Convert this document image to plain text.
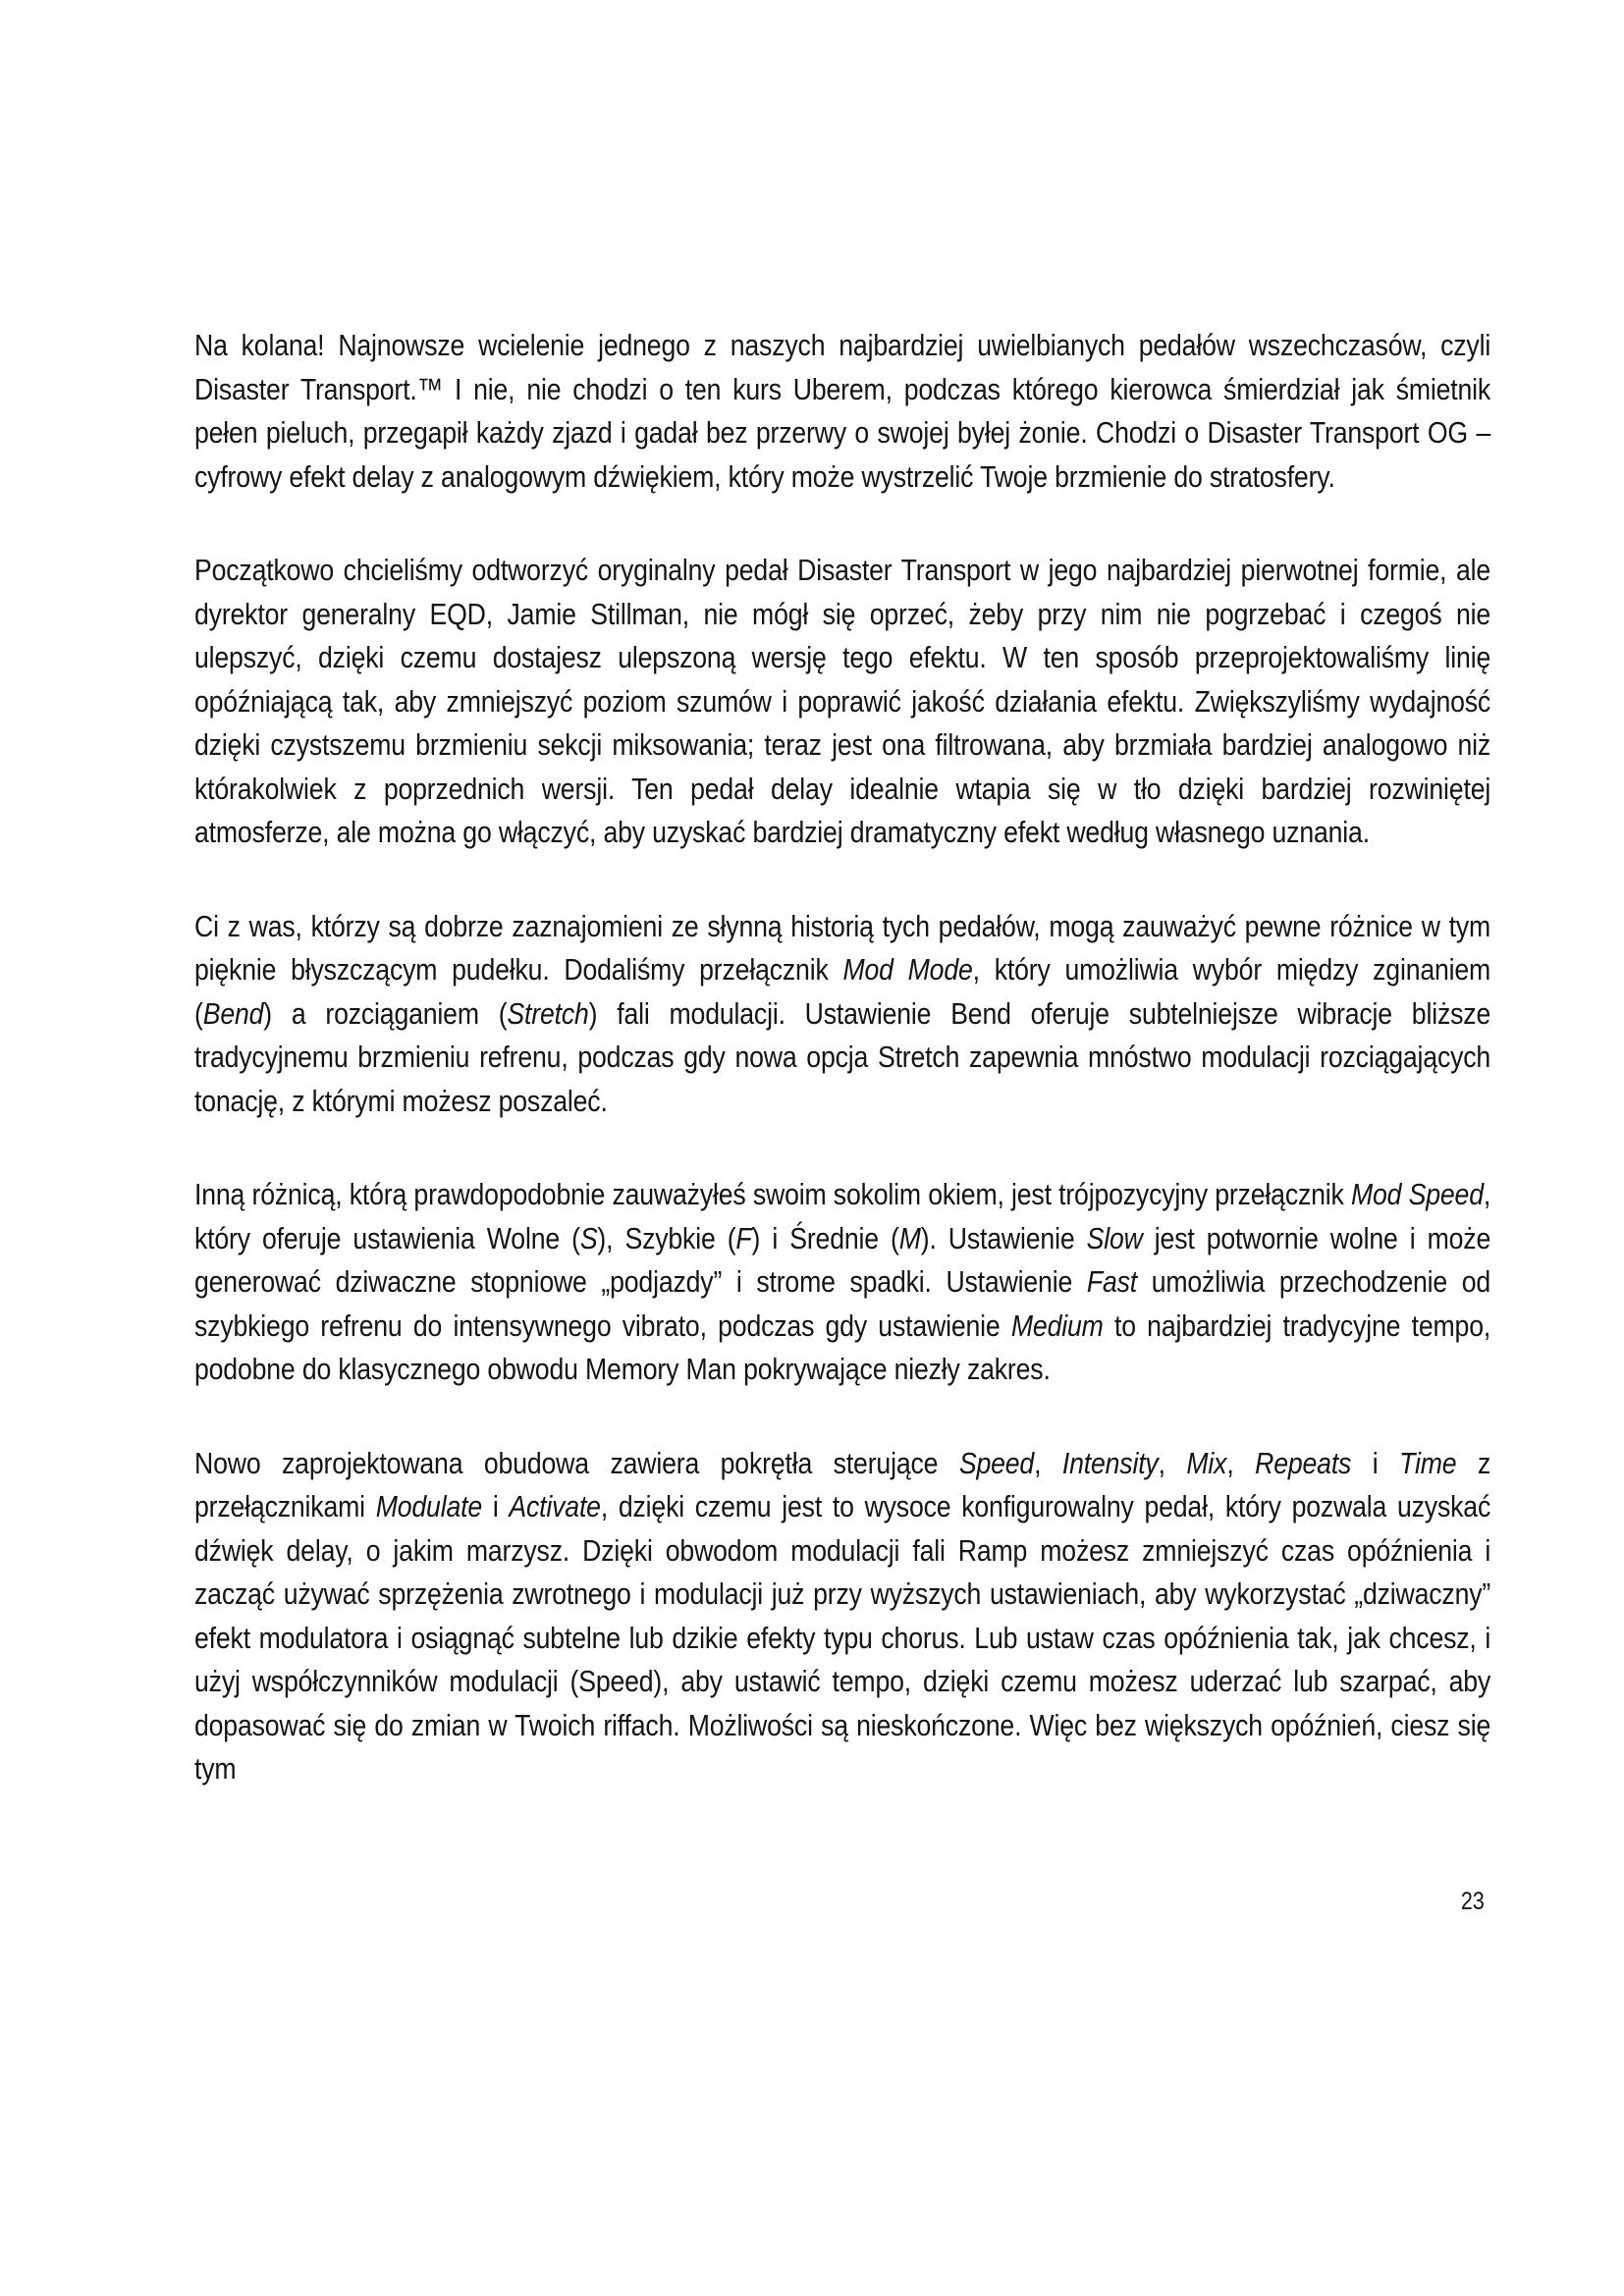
Na kolana! Najnowsze wcielenie jednego z naszych najbardziej uwielbianych pedałów wszechczasów, czyli Disaster Transport.™ I nie, nie chodzi o ten kurs Uberem, podczas którego kierowca śmierdział jak śmietnik pełen pieluch, przegapił każdy zjazd i gadał bez przerwy o swojej byłej żonie. Chodzi o Disaster Transport OG – cyfrowy efekt delay z analogowym dźwiękiem, który może wystrzelić Twoje brzmienie do stratosfery.

Początkowo chcieliśmy odtworzyć oryginalny pedał Disaster Transport w jego najbardziej pierwotnej formie, ale dyrektor generalny EQD, Jamie Stillman, nie mógł się oprzeć, żeby przy nim nie pogrzebać i czegoś nie ulepszyć, dzięki czemu dostajesz ulepszoną wersję tego efektu. W ten sposób przeprojektowaliśmy linię opóźniającą tak, aby zmniejszyć poziom szumów i poprawić jakość działania efektu. Zwiększyliśmy wydajność dzięki czystszemu brzmieniu sekcji miksowania; teraz jest ona filtrowana, aby brzmiała bardziej analogowo niż którakolwiek z poprzednich wersji. Ten pedał delay idealnie wtapia się w tło dzięki bardziej rozwiniętej atmosferze, ale można go włączyć, aby uzyskać bardziej dramatyczny efekt według własnego uznania.

Ci z was, którzy są dobrze zaznajomieni ze słynną historią tych pedałów, mogą zauważyć pewne różnice w tym pięknie błyszczącym pudełku. Dodaliśmy przełącznik Mod Mode, który umożliwia wybór między zginaniem (Bend) a rozciąganiem (Stretch) fali modulacji. Ustawienie Bend oferuje subtelniejsze wibracje bliższe tradycyjnemu brzmieniu refrenu, podczas gdy nowa opcja Stretch zapewnia mnóstwo modulacji rozciągających tonację, z którymi możesz poszaleć.

Inną różnicą, którą prawdopodobnie zauważyłeś swoim sokolim okiem, jest trójpozycyjny przełącznik Mod Speed, który oferuje ustawienia Wolne (S), Szybkie (F) i Średnie (M). Ustawienie Slow jest potwornie wolne i może generować dziwaczne stopniowe „podjazdy” i strome spadki. Ustawienie Fast umożliwia przechodzenie od szybkiego refrenu do intensywnego vibrato, podczas gdy ustawienie Medium to najbardziej tradycyjne tempo, podobne do klasycznego obwodu Memory Man pokrywające niezły zakres.

Nowo zaprojektowana obudowa zawiera pokrętła sterujące Speed, Intensity, Mix, Repeats i Time z przełącznikami Modulate i Activate, dzięki czemu jest to wysoce konfigurowalny pedał, który pozwala uzyskać dźwięk delay, o jakim marzysz. Dzięki obwodom modulacji fali Ramp możesz zmniejszyć czas opóźnienia i zacząć używać sprzężenia zwrotnego i modulacji już przy wyższych ustawieniach, aby wykorzystać „dziwaczny” efekt modulatora i osiągnąć subtelne lub dzikie efekty typu chorus. Lub ustaw czas opóźnienia tak, jak chcesz, i użyj współczynników modulacji (Speed), aby ustawić tempo, dzięki czemu możesz uderzać lub szarpać, aby dopasować się do zmian w Twoich riffach. Możliwości są nieskończone. Więc bez większych opóźnień, ciesz się tym

23
